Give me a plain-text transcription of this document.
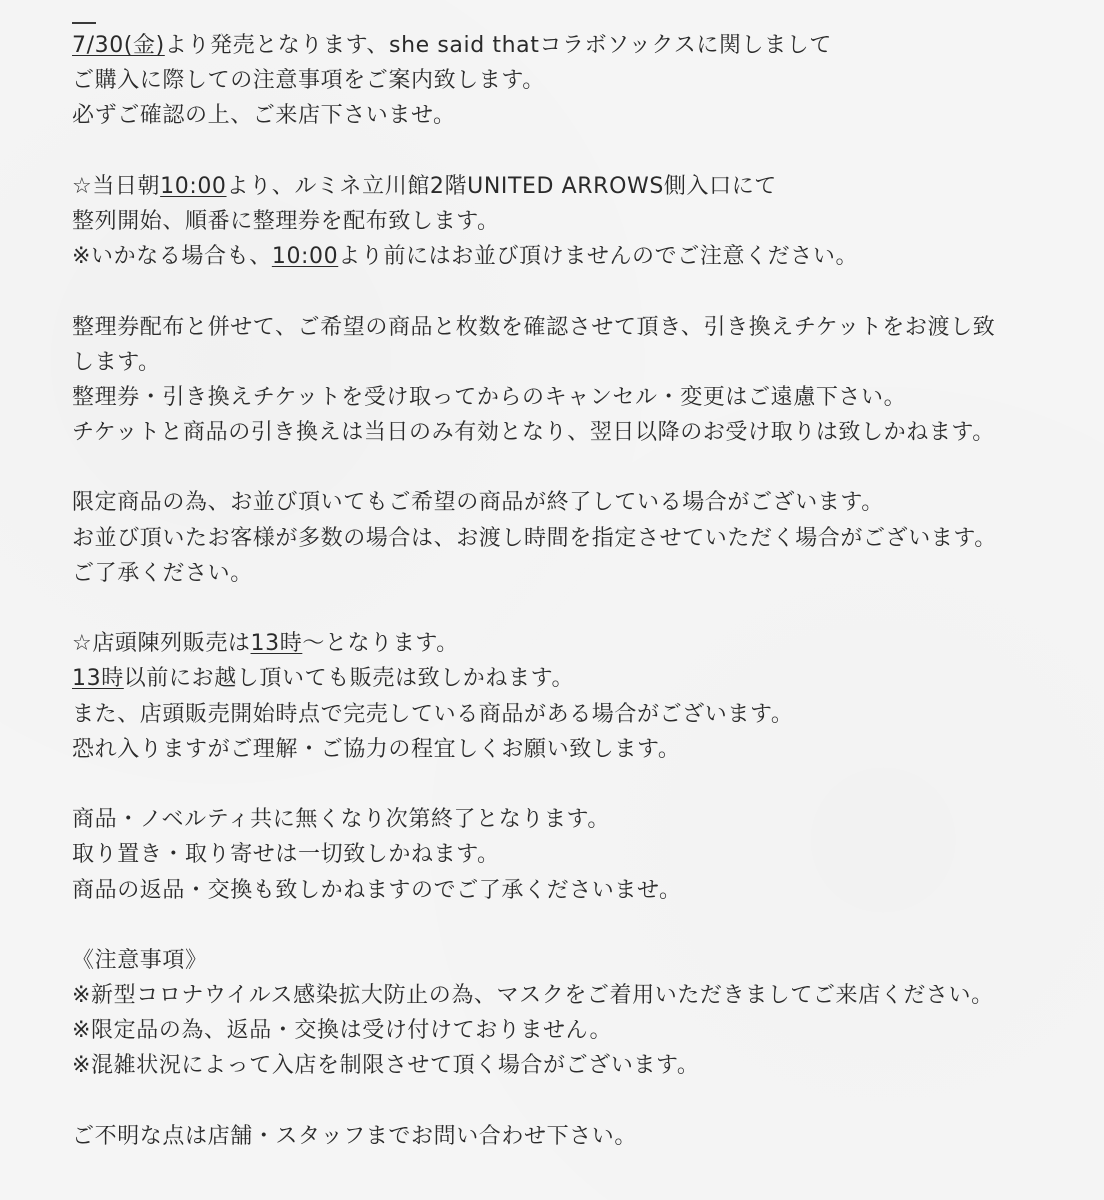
7/30(金)より発売となります、she said thatコラボソックスに関しまして
ご購入に際しての注意事項をご案内致します。
必ずご確認の上、ご来店下さいませ。
☆当日朝10:00より、ルミネ立川館2階UNITED ARROWS側入口にて
整列開始、順番に整理券を配布致します。
※いかなる場合も、10:00より前にはお並び頂けませんのでご注意ください。
整理券配布と併せて、ご希望の商品と枚数を確認させて頂き、引き換えチケットをお渡し致
します。
整理券・引き換えチケットを受け取ってからのキャンセル・変更はご遠慮下さい。
チケットと商品の引き換えは当日のみ有効となり、翌日以降のお受け取りは致しかねます。
限定商品の為、お並び頂いてもご希望の商品が終了している場合がございます。
お並び頂いたお客様が多数の場合は、お渡し時間を指定させていただく場合がございます。
ご了承ください。
☆店頭陳列販売は13時〜となります。
13時以前にお越し頂いても販売は致しかねます。
また、店頭販売開始時点で完売している商品がある場合がございます。
恐れ入りますがご理解・ご協力の程宜しくお願い致します。
商品・ノベルティ共に無くなり次第終了となります。
取り置き・取り寄せは一切致しかねます。
商品の返品・交換も致しかねますのでご了承くださいませ。
《注意事項》
※新型コロナウイルス感染拡大防止の為、マスクをご着用いただきましてご来店ください。
※限定品の為、返品・交換は受け付けておりません。
※混雑状況によって入店を制限させて頂く場合がございます。
ご不明な点は店舗・スタッフまでお問い合わせ下さい。
